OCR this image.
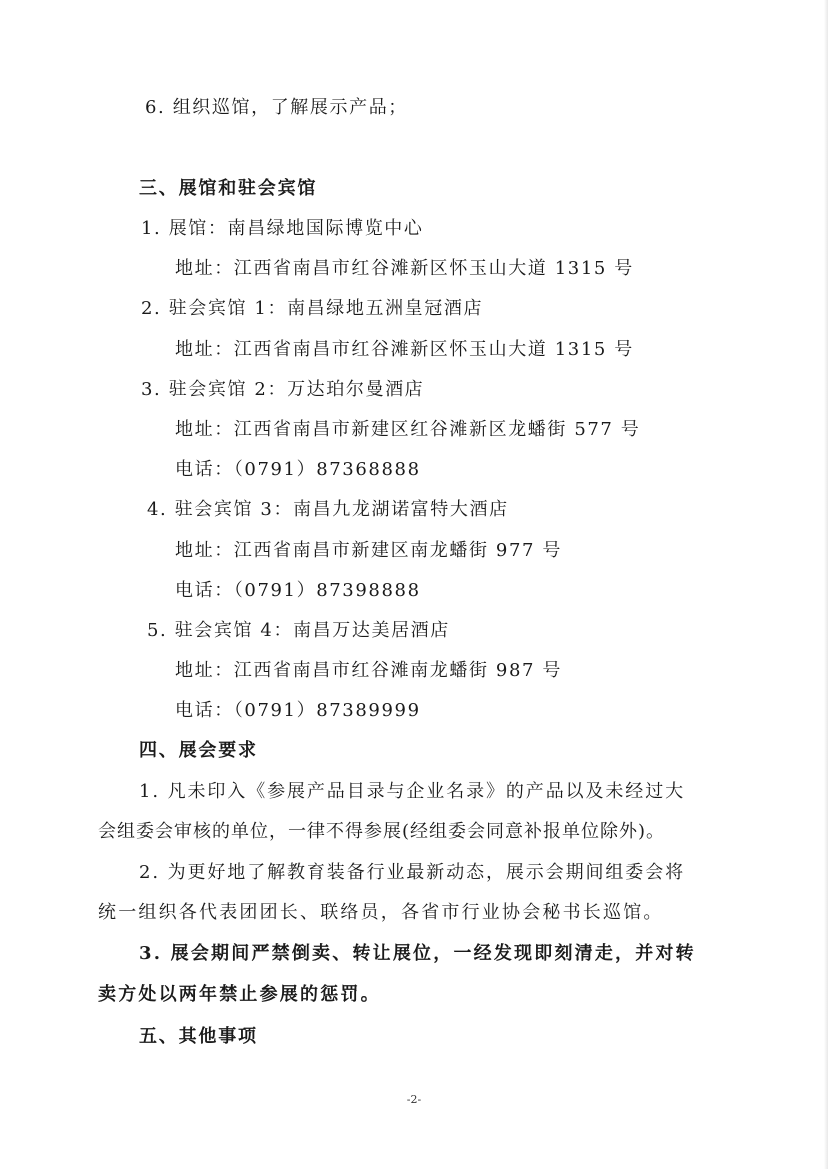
6. 组织巡馆，了解展示产品；
三、展馆和驻会宾馆
1. 展馆：南昌绿地国际博览中心
地址：江西省南昌市红谷滩新区怀玉山大道 1315 号
2. 驻会宾馆 1：南昌绿地五洲皇冠酒店
地址：江西省南昌市红谷滩新区怀玉山大道 1315 号
3. 驻会宾馆 2：万达珀尔曼酒店
地址：江西省南昌市新建区红谷滩新区龙蟠街 577 号
电话：（0791）87368888
4. 驻会宾馆 3：南昌九龙湖诺富特大酒店
地址：江西省南昌市新建区南龙蟠街 977 号
电话：（0791）87398888
5. 驻会宾馆 4：南昌万达美居酒店
地址：江西省南昌市红谷滩南龙蟠街 987 号
电话：（0791）87389999
四、展会要求
1. 凡未印入《参展产品目录与企业名录》的产品以及未经过大
会组委会审核的单位，一律不得参展(经组委会同意补报单位除外)。
2. 为更好地了解教育装备行业最新动态，展示会期间组委会将
统一组织各代表团团长、联络员，各省市行业协会秘书长巡馆。
3. 展会期间严禁倒卖、转让展位，一经发现即刻清走，并对转
卖方处以两年禁止参展的惩罚。
五、其他事项
-2-
